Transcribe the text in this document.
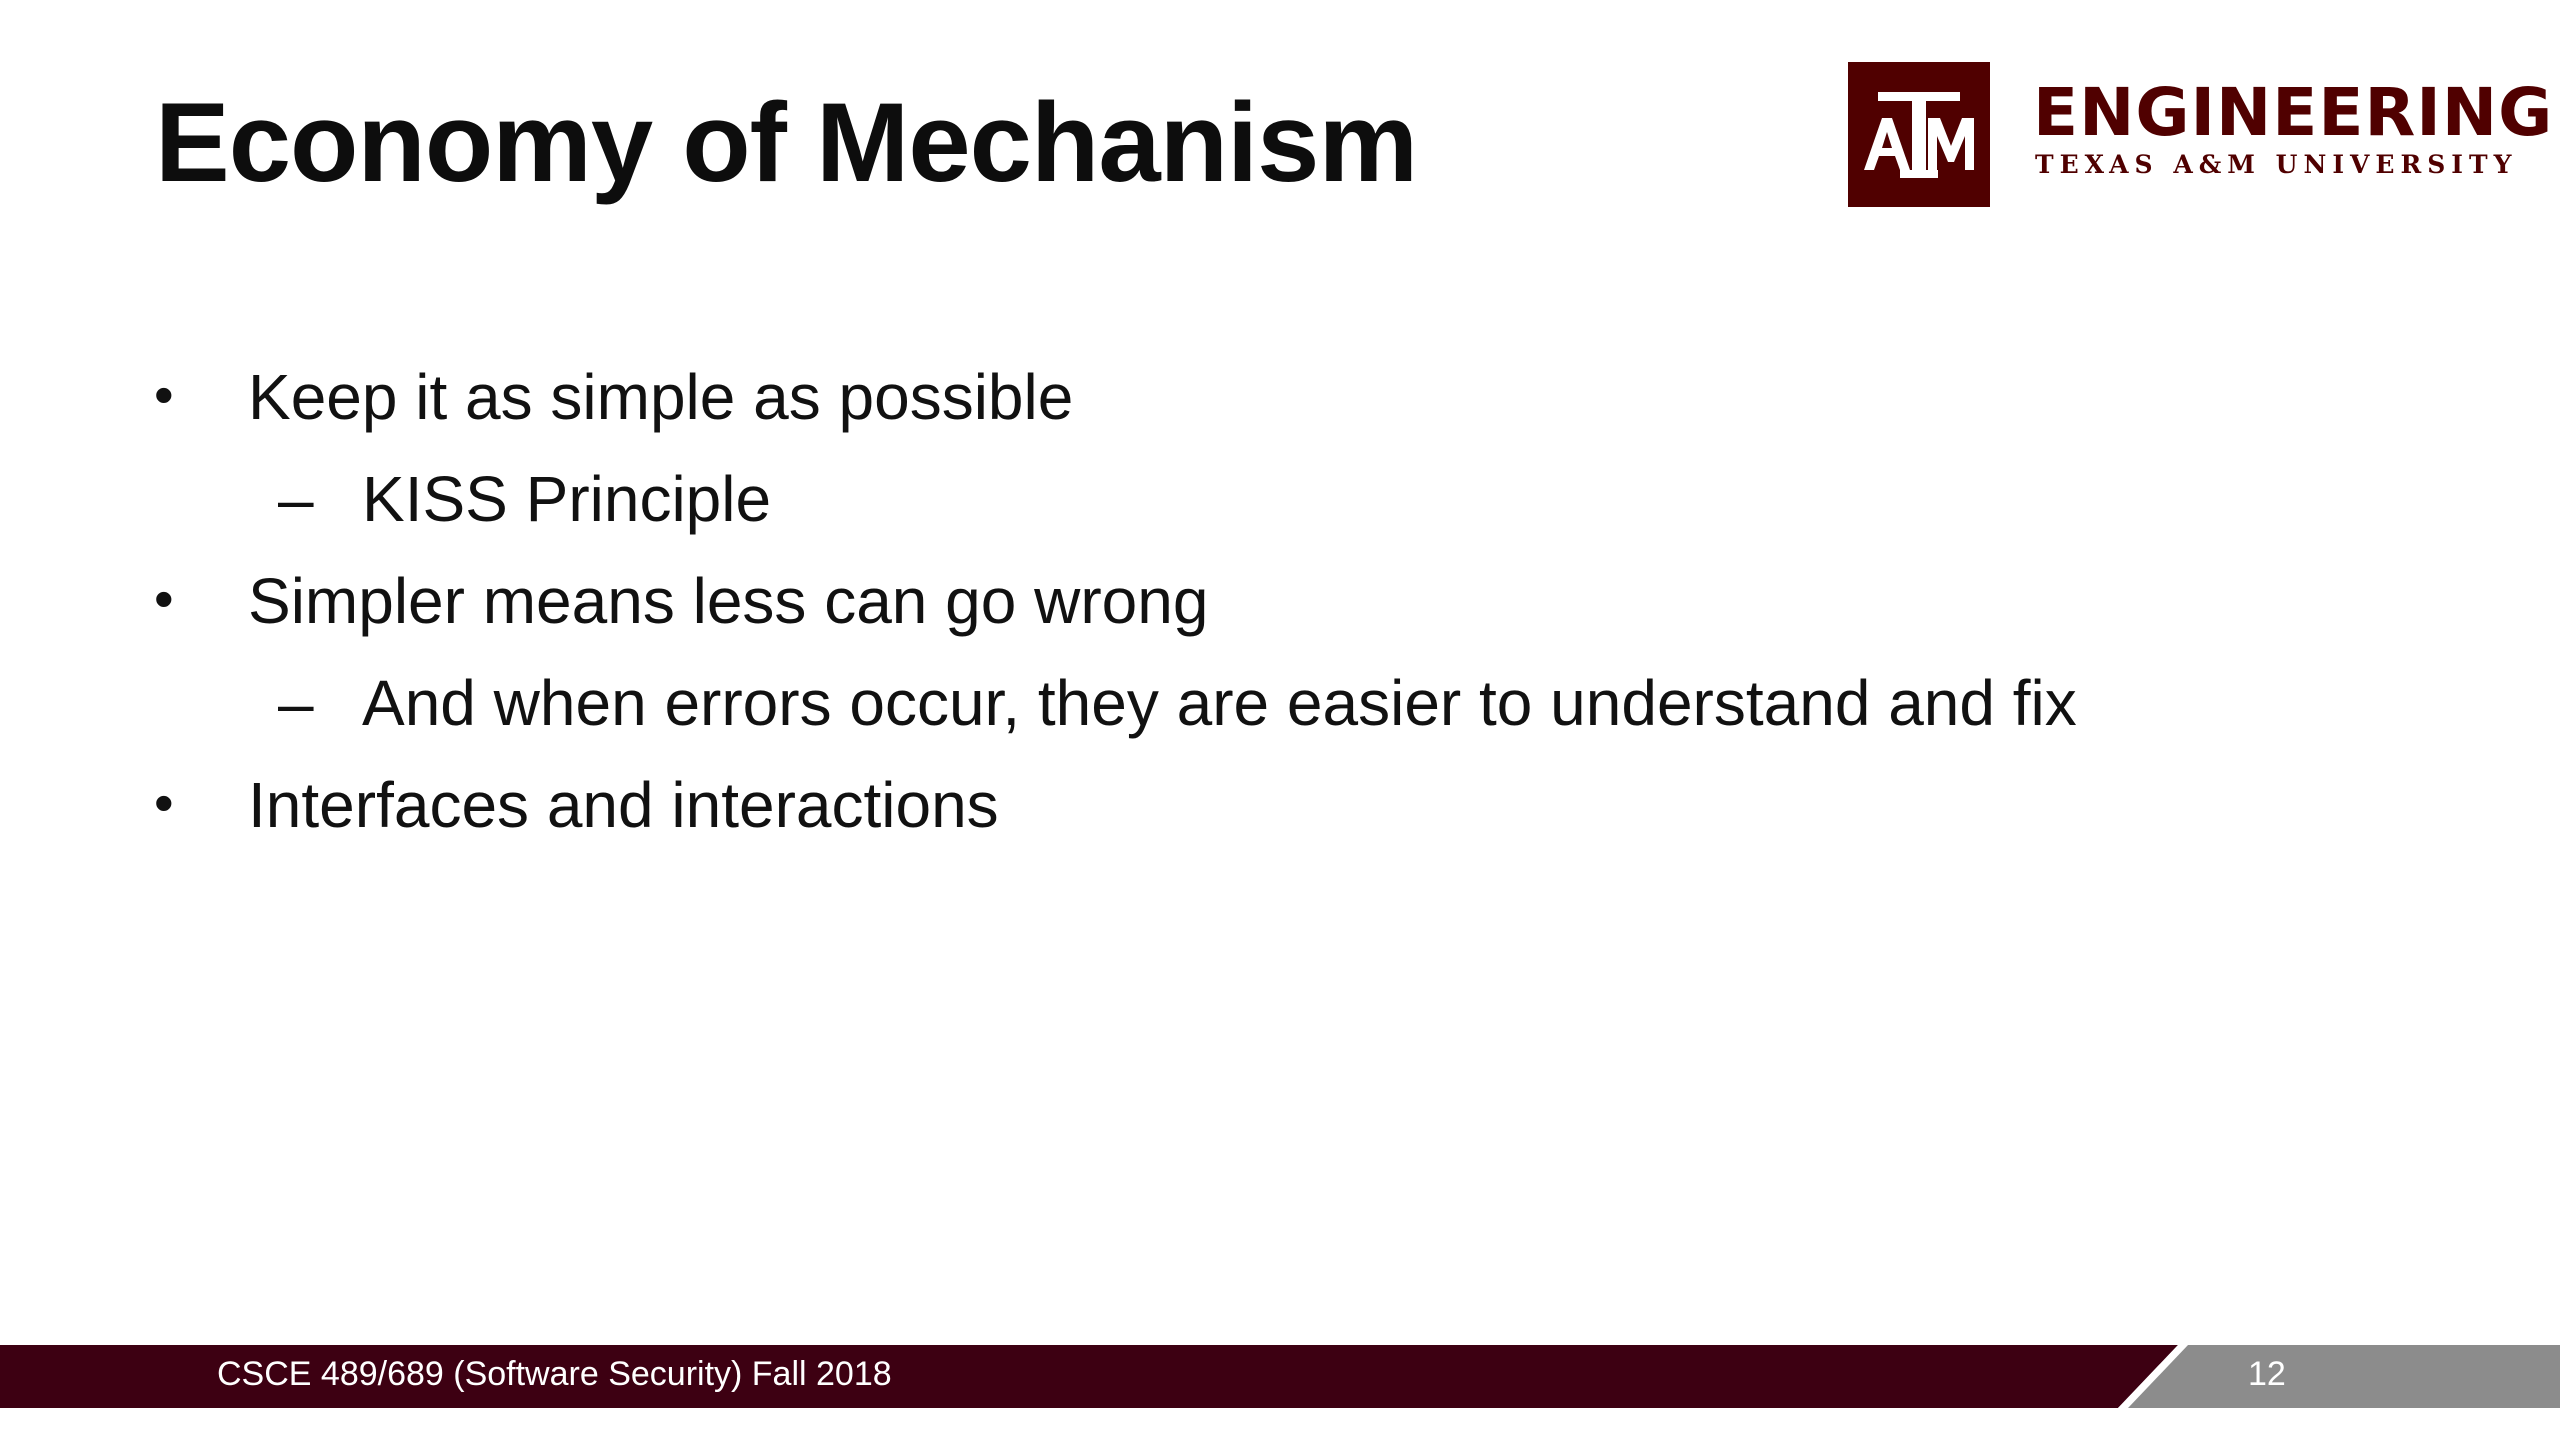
Economy of Mechanism	ENGINEERING
TEXAS A&M UNIVERSITY
• Keep it as simple as possible
– KISS Principle
• Simpler means less can go wrong
– And when errors occur, they are easier to understand and fix
• Interfaces and interactions
CSCE 489/689 (Software Security) Fall 2018	12
